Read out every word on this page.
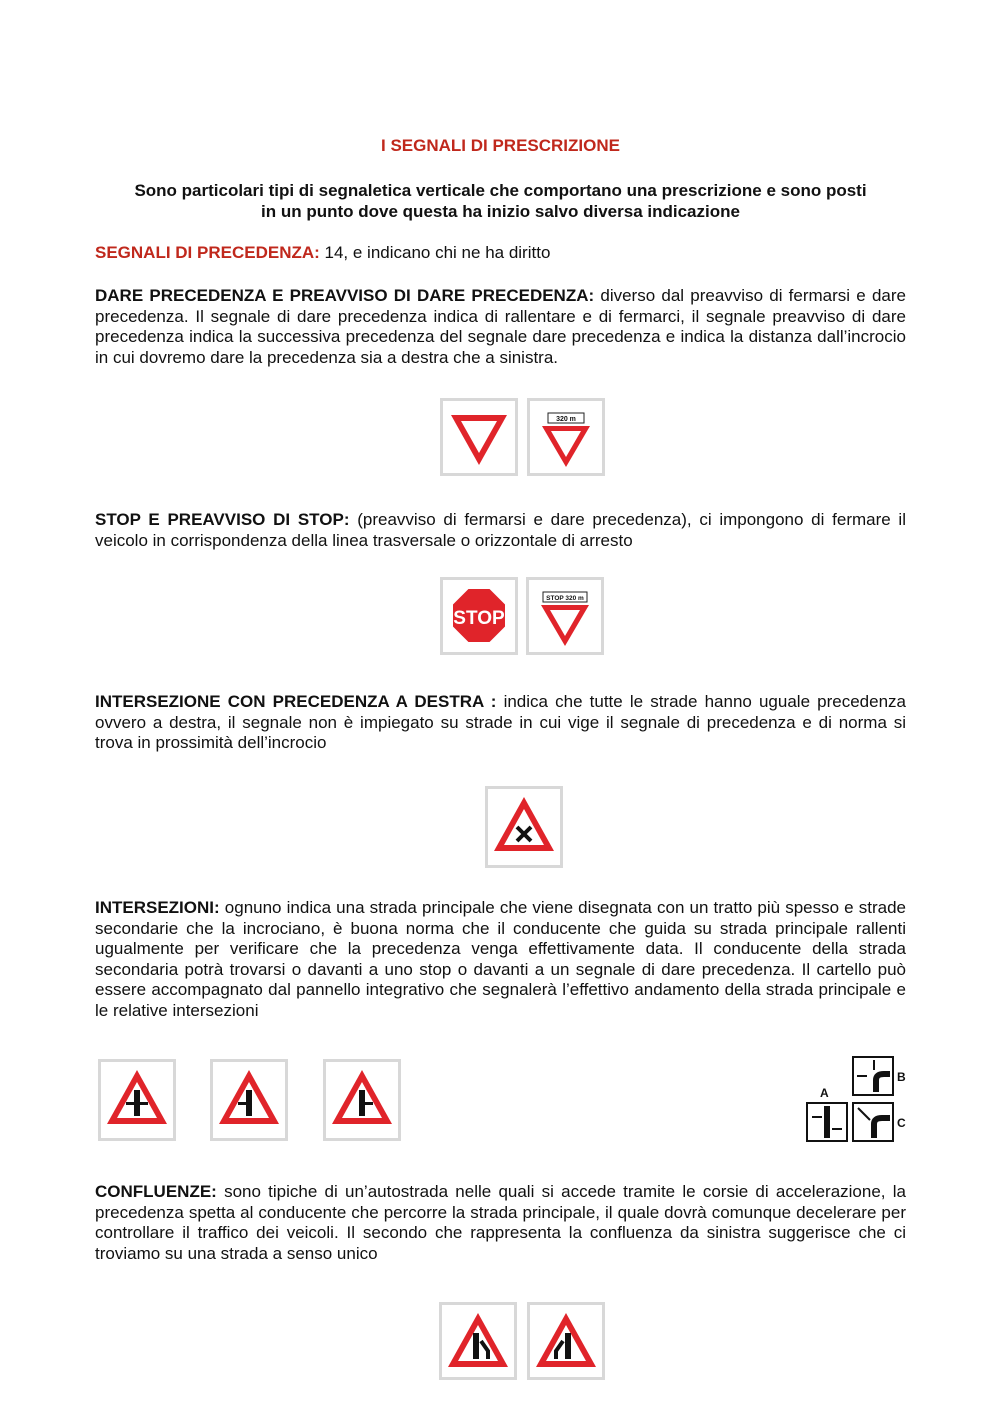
I SEGNALI DI PRESCRIZIONE
Sono particolari tipi di segnaletica verticale che comportano una prescrizione e sono posti
in un punto dove questa ha inizio salvo diversa indicazione
SEGNALI DI PRECEDENZA: 14, e indicano chi ne ha diritto
DARE PRECEDENZA E PREAVVISO DI DARE PRECEDENZA: diverso dal preavviso di fermarsi e dare precedenza. Il segnale di dare precedenza indica di rallentare e di fermarci, il segnale preavviso di dare precedenza indica la successiva precedenza del segnale dare precedenza e indica la distanza dall’incrocio in cui dovremo dare la precedenza sia a destra che a sinistra.
STOP E PREAVVISO DI STOP: (preavviso di fermarsi e dare precedenza), ci impongono di fermare il veicolo in corrispondenza della linea trasversale o orizzontale di arresto
INTERSEZIONE CON PRECEDENZA A DESTRA : indica che tutte le strade hanno uguale precedenza ovvero a destra, il segnale non è impiegato su strade in cui vige il segnale di precedenza e di norma si trova in prossimità dell’incrocio
INTERSEZIONI: ognuno indica una strada principale che viene disegnata con un tratto più spesso e strade secondarie che la incrociano, è buona norma che il conducente che guida su strada principale rallenti ugualmente per verificare che la precedenza venga effettivamente data. Il conducente della strada secondaria potrà trovarsi o davanti a uno stop o davanti a un segnale di dare precedenza. Il cartello può essere accompagnato dal pannello integrativo che segnalerà l’effettivo andamento della strada principale e le relative intersezioni
CONFLUENZE: sono tipiche di un’autostrada nelle quali si accede tramite le corsie di accelerazione, la precedenza spetta al conducente che percorre la strada principale, il quale dovrà comunque decelerare per controllare il traffico dei veicoli. Il secondo che rappresenta la confluenza da sinistra suggerisce che ci troviamo su una strada a senso unico
320 m
STOP
STOP 320 m
A
B
C
